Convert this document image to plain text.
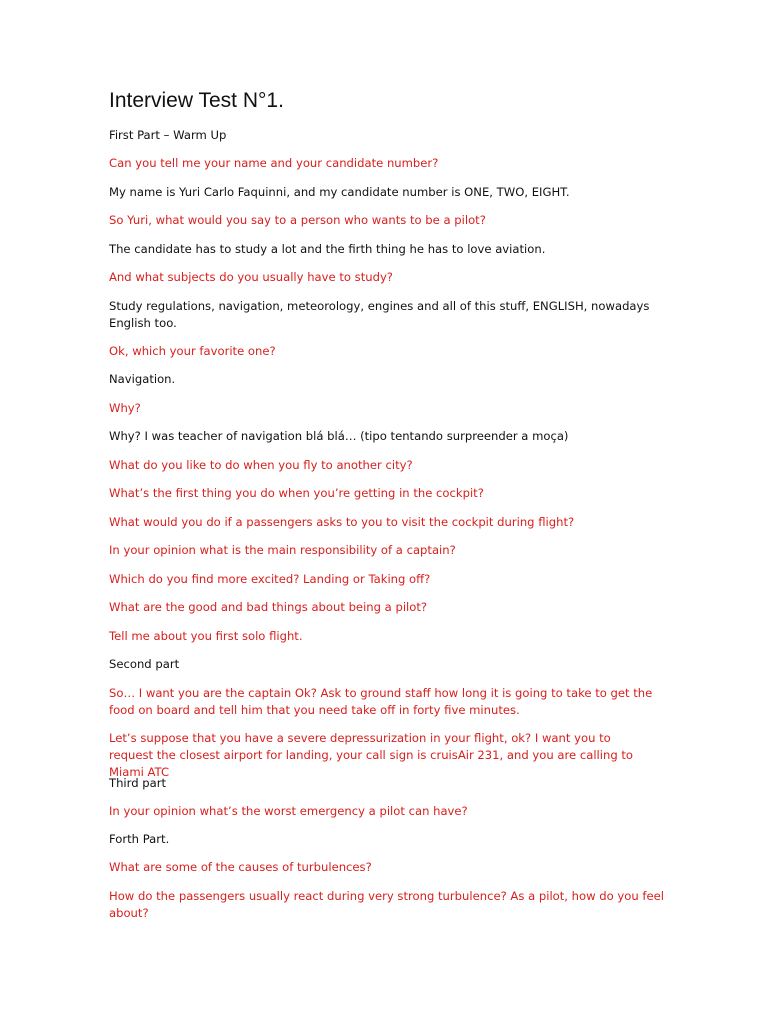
Interview Test N°1.
First Part – Warm Up
Can you tell me your name and your candidate number?
My name is Yuri Carlo Faquinni, and my candidate number is ONE, TWO, EIGHT.
So Yuri, what would you say to a person who wants to be a pilot?
The candidate has to study a lot and the firth thing he has to love aviation.
And what subjects do you usually have to study?
Study regulations, navigation, meteorology, engines and all of this stuff, ENGLISH, nowadays English too.
Ok, which your favorite one?
Navigation.
Why?
Why? I was teacher of navigation blá blá… (tipo tentando surpreender a moça)
What do you like to do when you fly to another city?
What’s the first thing you do when you’re getting in the cockpit?
What would you do if a passengers asks to you to visit the cockpit during flight?
In your opinion what is the main responsibility of a captain?
Which do you find more excited? Landing or Taking off?
What are the good and bad things about being a pilot?
Tell me about you first solo flight.
Second part
So… I want you are the captain Ok? Ask to ground staff how long it is going to take to get the food on board and tell him that you need take off in forty five minutes.
Let’s suppose that you have a severe depressurization in your flight, ok? I want you to request the closest airport for landing, your call sign is cruisAir 231, and you are calling to Miami ATC
Third part
In your opinion what’s the worst emergency a pilot can have?
Forth Part.
What are some of the causes of turbulences?
How do the passengers usually react during very strong turbulence? As a pilot, how do you feel about?
